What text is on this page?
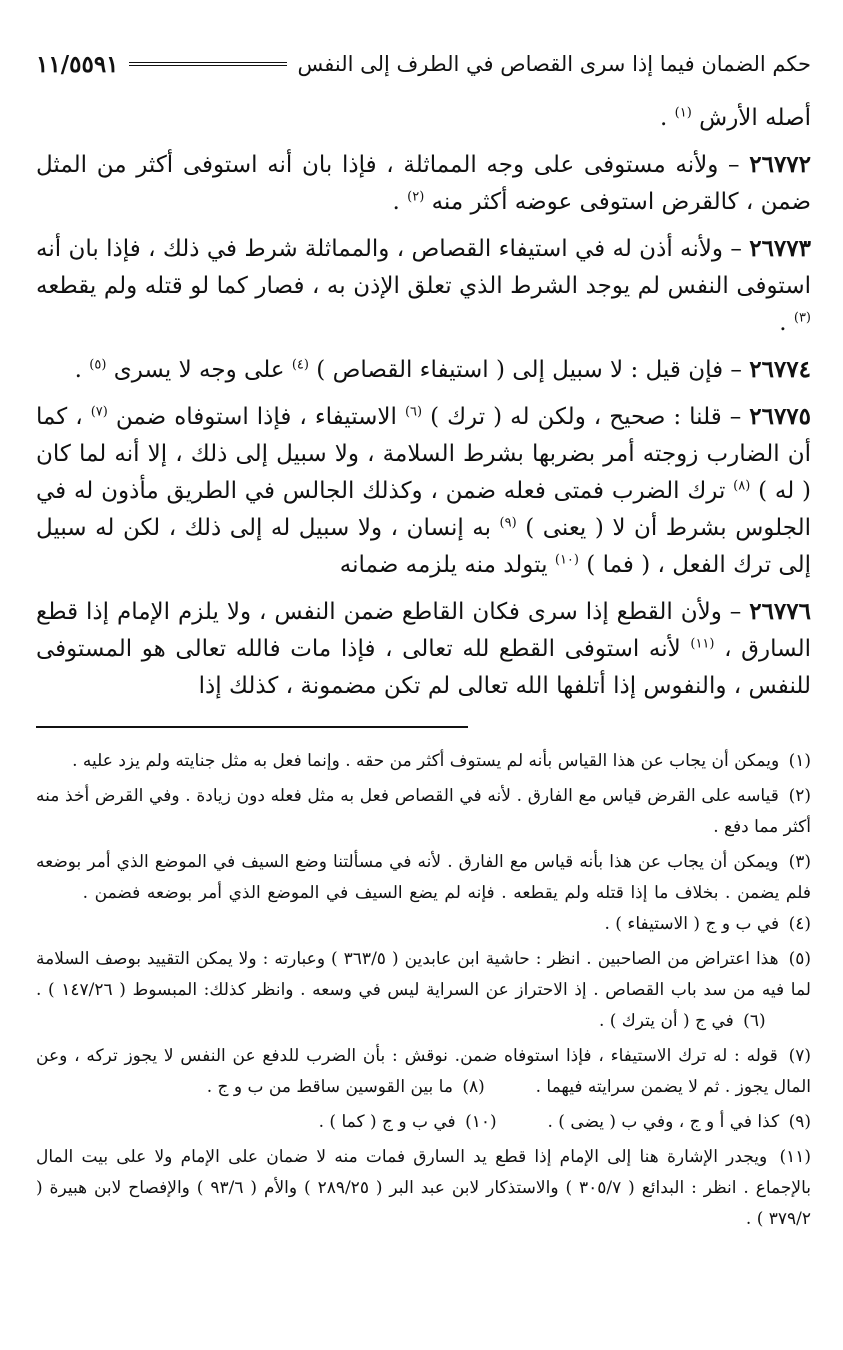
حكم الضمان فيما إذا سرى القصاص في الطرف إلى النفس
١١/٥٥٩١

أصله الأرش $^{(١)}$ .

٢٦٧٧٢ – ولأنه مستوفى على وجه المماثلة ، فإذا بان أنه استوفى أكثر من المثل ضمن ، كالقرض استوفى عوضه أكثر منه $^{(٢)}$ .

٢٦٧٧٣ – ولأنه أذن له في استيفاء القصاص ، والمماثلة شرط في ذلك ، فإذا بان أنه استوفى النفس لم يوجد الشرط الذي تعلق الإذن به ، فصار كما لو قتله ولم يقطعه $^{(٣)}$ .

٢٦٧٧٤ – فإن قيل : لا سبيل إلى ( استيفاء القصاص ) $^{(٤)}$ على وجه لا يسرى $^{(٥)}$ .

٢٦٧٧٥ – قلنا : صحيح ، ولكن له ( ترك ) $^{(٦)}$ الاستيفاء ، فإذا استوفاه ضمن $^{(٧)}$ ، كما أن الضارب زوجته أمر بضربها بشرط السلامة ، ولا سبيل إلى ذلك ، إلا أنه لما كان ( له ) $^{(٨)}$ ترك الضرب فمتى فعله ضمن ، وكذلك الجالس في الطريق مأذون له في الجلوس بشرط أن لا ( يعنى ) $^{(٩)}$ به إنسان ، ولا سبيل له إلى ذلك ، لكن له سبيل إلى ترك الفعل ، ( فما ) $^{(١٠)}$ يتولد منه يلزمه ضمانه

٢٦٧٧٦ – ولأن القطع إذا سرى فكان القاطع ضمن النفس ، ولا يلزم الإمام إذا قطع السارق ، $^{(١١)}$ لأنه استوفى القطع لله تعالى ، فإذا مات فالله تعالى هو المستوفى للنفس ، والنفوس إذا أتلفها الله تعالى لم تكن مضمونة ، كذلك إذا

(١) ويمكن أن يجاب عن هذا القياس بأنه لم يستوف أكثر من حقه . وإنما فعل به مثل جنايته ولم يزد عليه .

(٢) قياسه على القرض قياس مع الفارق . لأنه في القصاص فعل به مثل فعله دون زيادة . وفي القرض أخذ منه أكثر مما دفع .

(٣) ويمكن أن يجاب عن هذا بأنه قياس مع الفارق . لأنه في مسألتنا وضع السيف في الموضع الذي أمر بوضعه فلم يضمن . بخلاف ما إذا قتله ولم يقطعه . فإنه لم يضع السيف في الموضع الذي أمر بوضعه فضمن .  (٤) في ب و ج ( الاستيفاء ) .

(٥) هذا اعتراض من الصاحبين . انظر : حاشية ابن عابدين ( ٣٦٣/٥ ) وعبارته : ولا يمكن التقييد بوصف السلامة لما فيه من سد باب القصاص . إذ الاحتراز عن السراية ليس في وسعه . وانظر كذلك: المبسوط ( ١٤٧/٢٦ ) .  (٦) في ج ( أن يترك ) .

(٧) قوله : له ترك الاستيفاء ، فإذا استوفاه ضمن. نوقش : بأن الضرب للدفع عن النفس لا يجوز تركه ، وعن المال يجوز . ثم لا يضمن سرايته فيهما .  (٨) ما بين القوسين ساقط من ب و ج .

(٩) كذا في أ و ج ، وفي ب ( يضى ) .  (١٠) في ب و ج ( كما ) .

(١١) ويجدر الإشارة هنا إلى الإمام إذا قطع يد السارق فمات منه لا ضمان على الإمام ولا على بيت المال بالإجماع . انظر : البدائع ( ٣٠٥/٧ ) والاستذكار لابن عبد البر ( ٢٨٩/٢٥ ) والأم ( ٩٣/٦ ) والإفصاح لابن هبيرة ( ٣٧٩/٢ ) .
